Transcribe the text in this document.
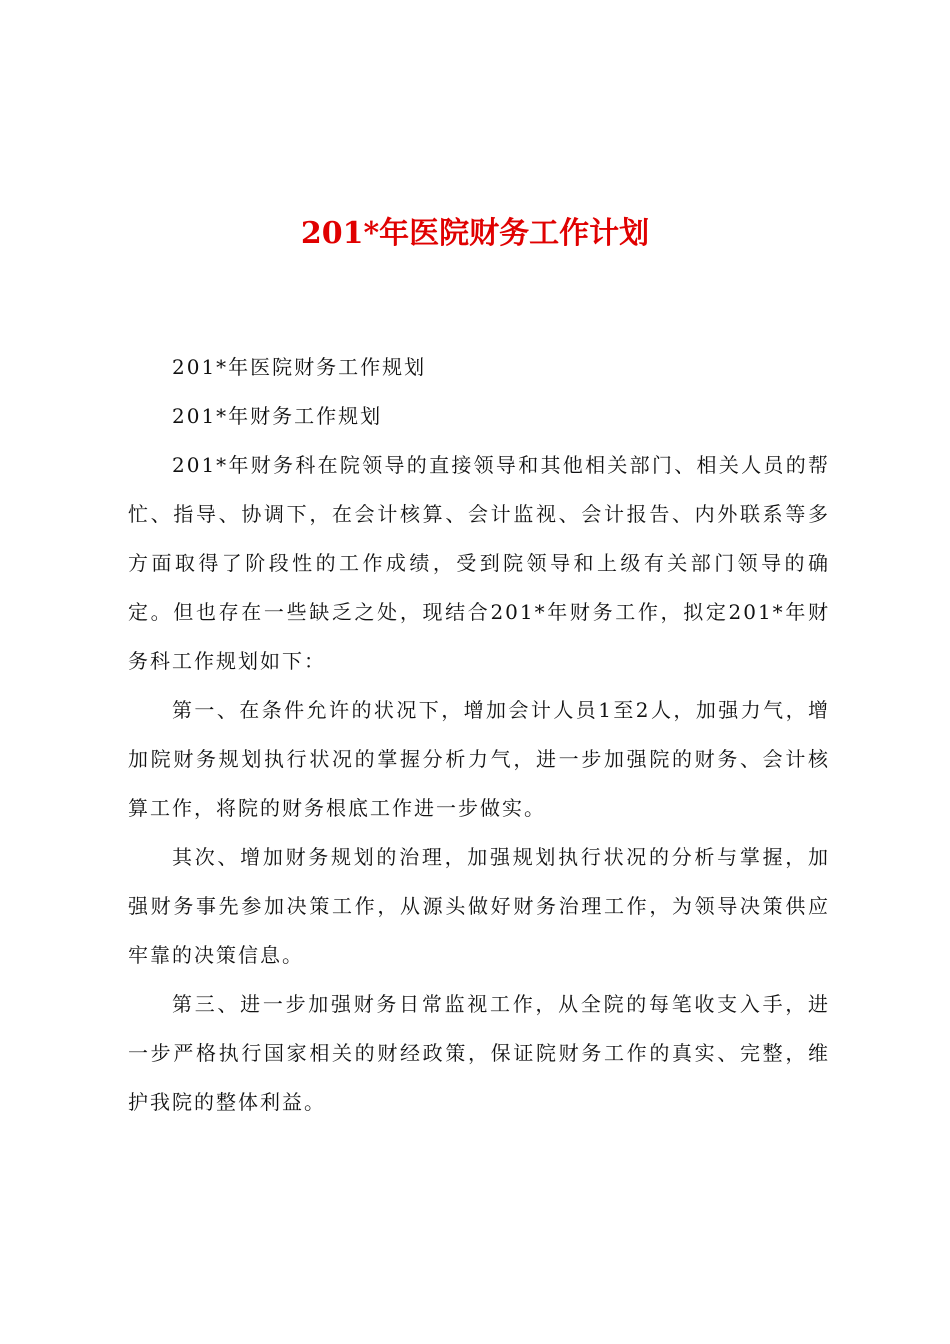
201*年医院财务工作计划

201*年医院财务工作规划

201*年财务工作规划

201*年财务科在院领导的直接领导和其他相关部门、相关人员的帮忙、指导、协调下，在会计核算、会计监视、会计报告、内外联系等多方面取得了阶段性的工作成绩，受到院领导和上级有关部门领导的确定。但也存在一些缺乏之处，现结合201*年财务工作，拟定201*年财务科工作规划如下：

第一、在条件允许的状况下，增加会计人员1至2人，加强力气，增加院财务规划执行状况的掌握分析力气，进一步加强院的财务、会计核算工作，将院的财务根底工作进一步做实。

其次、增加财务规划的治理，加强规划执行状况的分析与掌握，加强财务事先参加决策工作，从源头做好财务治理工作，为领导决策供应牢靠的决策信息。

第三、进一步加强财务日常监视工作，从全院的每笔收支入手，进一步严格执行国家相关的财经政策，保证院财务工作的真实、完整，维护我院的整体利益。
